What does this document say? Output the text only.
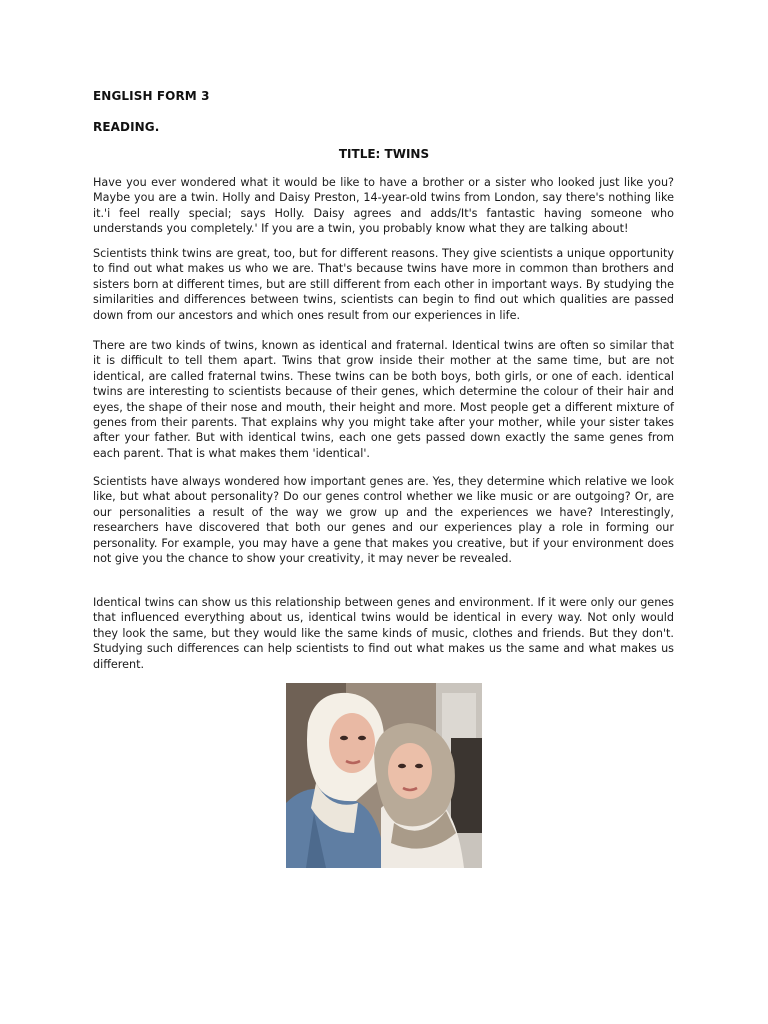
ENGLISH FORM 3
READING.
TITLE: TWINS

Have you ever wondered what it would be like to have a brother or a sister who looked just like you? Maybe you are a twin. Holly and Daisy Preston, 14-year-old twins from London, say there's nothing like it.'i feel really special; says Holly. Daisy agrees and adds/It's fantastic having someone who understands you completely.' If you are a twin, you probably know what they are talking about!

Scientists think twins are great, too, but for different reasons. They give scientists a unique opportunity to find out what makes us who we are. That's because twins have more in common than brothers and sisters born at different times, but are still different from each other in important ways. By studying the similarities and differences between twins, scientists can begin to find out which qualities are passed down from our ancestors and which ones result from our experiences in life.

There are two kinds of twins, known as identical and fraternal. Identical twins are often so similar that it is difficult to tell them apart. Twins that grow inside their mother at the same time, but are not identical, are called fraternal twins. These twins can be both boys, both girls, or one of each. identical twins are interesting to scientists because of their genes, which determine the colour of their hair and eyes, the shape of their nose and mouth, their height and more. Most people get a different mixture of genes from their parents. That explains why you might take after your mother, while your sister takes after your father. But with identical twins, each one gets passed down exactly the same genes from each parent. That is what makes them 'identical'.

Scientists have always wondered how important genes are. Yes, they determine which relative we look like, but what about personality? Do our genes control whether we like music or are outgoing? Or, are our personalities a result of the way we grow up and the experiences we have? Interestingly, researchers have discovered that both our genes and our experiences play a role in forming our personality. For example, you may have a gene that makes you creative, but if your environment does not give you the chance to show your creativity, it may never be revealed.

Identical twins can show us this relationship between genes and environment. If it were only our genes that influenced everything about us, identical twins would be identical in every way. Not only would they look the same, but they would like the same kinds of music, clothes and friends. But they don't. Studying such differences can help scientists to find out what makes us the same and what makes us different.
